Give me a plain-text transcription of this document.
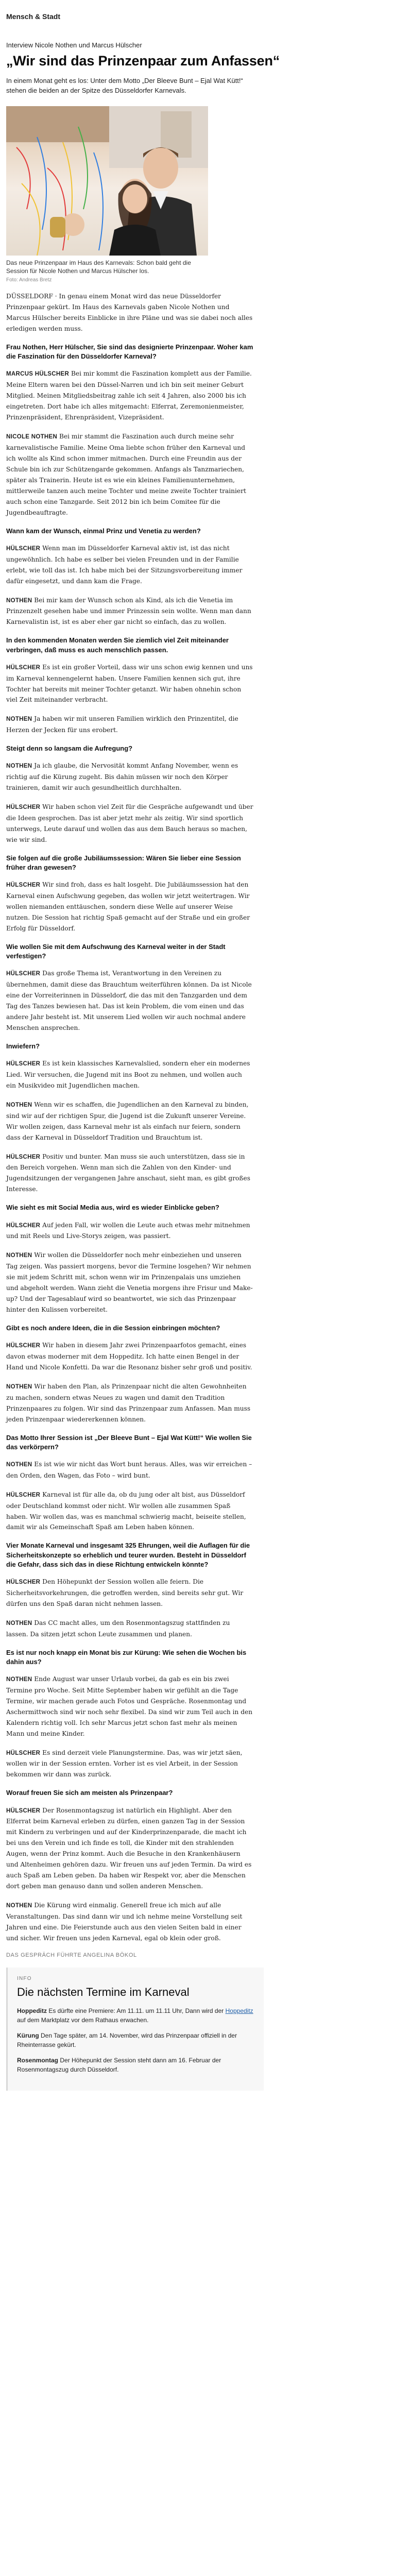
Mensch & Stadt
Interview Nicole Nothen und Marcus Hülscher
„Wir sind das Prinzenpaar zum Anfassen“
In einem Monat geht es los: Unter dem Motto „Der Bleeve Bunt – Ejal Wat Kütt!“ stehen die beiden an der Spitze des Düsseldorfer Karnevals.
Das neue Prinzenpaar im Haus des Karnevals: Schon bald geht die Session für Nicole Nothen und Marcus Hülscher los.
Foto: Andreas Bretz

DÜSSELDORF · In genau einem Monat wird das neue Düsseldorfer Prinzenpaar gekürt. Im Haus des Karnevals gaben Nicole Nothen und Marcus Hülscher bereits Einblicke in ihre Pläne und was sie dabei noch alles erledigen werden muss.

Frau Nothen, Herr Hülscher, Sie sind das designierte Prinzenpaar. Woher kam die Faszination für den Düsseldorfer Karneval?

MARCUS HÜLSCHER Bei mir kommt die Faszination komplett aus der Familie. Meine Eltern waren bei den Düssel-Narren und ich bin seit meiner Geburt Mitglied. Meinen Mitgliedsbeitrag zahle ich seit 4 Jahren, also 2000 bis ich eingetreten. Dort habe ich alles mitgemacht: Elferrat, Zeremonienmeister, Prinzenpräsident, Ehrenpräsident, Vizepräsident.

NICOLE NOTHEN Bei mir stammt die Faszination auch durch meine sehr karnevalistische Familie. Meine Oma liebte schon früher den Karneval und ich wollte als Kind schon immer mitmachen. Durch eine Freundin aus der Schule bin ich zur Schützengarde gekommen. Anfangs als Tanzmariechen, später als Trainerin. Heute ist es wie ein kleines Familienunternehmen, mittlerweile tanzen auch meine Tochter und meine zweite Tochter trainiert auch schon eine Tanzgarde. Seit 2012 bin ich beim Comitee für die Jugendbeauftragte.

Wann kam der Wunsch, einmal Prinz und Venetia zu werden?

HÜLSCHER Wenn man im Düsseldorfer Karneval aktiv ist, ist das nicht ungewöhnlich. Ich habe es selber bei vielen Freunden und in der Familie erlebt, wie toll das ist. Ich habe mich bei der Sitzungsvorbereitung immer dafür eingesetzt, und dann kam die Frage.

NOTHEN Bei mir kam der Wunsch schon als Kind, als ich die Venetia im Prinzenzelt gesehen habe und immer Prinzessin sein wollte. Wenn man dann Karnevalistin ist, ist es aber eher gar nicht so einfach, das zu wollen.

In den kommenden Monaten werden Sie ziemlich viel Zeit miteinander verbringen, daß muss es auch menschlich passen.

HÜLSCHER Es ist ein großer Vorteil, dass wir uns schon ewig kennen und uns im Karneval kennengelernt haben. Unsere Familien kennen sich gut, ihre Tochter hat bereits mit meiner Tochter getanzt. Wir haben ohnehin schon viel Zeit miteinander verbracht.

NOTHEN Ja haben wir mit unseren Familien wirklich den Prinzentitel, die Herzen der Jecken für uns erobert.

Steigt denn so langsam die Aufregung?

NOTHEN Ja ich glaube, die Nervosität kommt Anfang November, wenn es richtig auf die Kürung zugeht. Bis dahin müssen wir noch den Körper trainieren, damit wir auch gesundheitlich durchhalten.

HÜLSCHER Wir haben schon viel Zeit für die Gespräche aufgewandt und über die Ideen gesprochen. Das ist aber jetzt mehr als zeitig. Wir sind sportlich unterwegs, Leute darauf und wollen das aus dem Bauch heraus so machen, wie wir sind.

Sie folgen auf die große Jubiläumssession: Wären Sie lieber eine Session früher dran gewesen?

HÜLSCHER Wir sind froh, dass es halt losgeht. Die Jubiläumssession hat den Karneval einen Aufschwung gegeben, das wollen wir jetzt weitertragen. Wir wollen niemanden enttäuschen, sondern diese Welle auf unserer Weise nutzen. Die Session hat richtig Spaß gemacht auf der Straße und ein großer Erfolg für Düsseldorf.

Wie wollen Sie mit dem Aufschwung des Karneval weiter in der Stadt verfestigen?

HÜLSCHER Das große Thema ist, Verantwortung in den Vereinen zu übernehmen, damit diese das Brauchtum weiterführen können. Da ist Nicole eine der Vorreiterinnen in Düsseldorf, die das mit den Tanzgarden und dem Tag des Tanzes bewiesen hat. Das ist kein Problem, die vom einen und das andere Jahr besteht ist. Mit unserem Lied wollen wir auch nochmal andere Menschen ansprechen.

Inwiefern?

HÜLSCHER Es ist kein klassisches Karnevalslied, sondern eher ein modernes Lied. Wir versuchen, die Jugend mit ins Boot zu nehmen, und wollen auch ein Musikvideo mit Jugendlichen machen.

NOTHEN Wenn wir es schaffen, die Jugendlichen an den Karneval zu binden, sind wir auf der richtigen Spur, die Jugend ist die Zukunft unserer Vereine. Wir wollen zeigen, dass Karneval mehr ist als einfach nur feiern, sondern dass der Karneval in Düsseldorf Tradition und Brauchtum ist.

HÜLSCHER Positiv und bunter. Man muss sie auch unterstützen, dass sie in den Bereich vorgehen. Wenn man sich die Zahlen von den Kinder- und Jugendsitzungen der vergangenen Jahre anschaut, sieht man, es gibt großes Interesse.

Wie sieht es mit Social Media aus, wird es wieder Einblicke geben?

HÜLSCHER Auf jeden Fall, wir wollen die Leute auch etwas mehr mitnehmen und mit Reels und Live-Storys zeigen, was passiert.

NOTHEN Wir wollen die Düsseldorfer noch mehr einbeziehen und unseren Tag zeigen. Was passiert morgens, bevor die Termine losgehen? Wir nehmen sie mit jedem Schritt mit, schon wenn wir im Prinzenpalais uns umziehen und abgeholt werden. Wann zieht die Venetia morgens ihre Frisur und Make-up? Und der Tagesablauf wird so beantwortet, wie sich das Prinzenpaar hinter den Kulissen vorbereitet.

Gibt es noch andere Ideen, die in die Session einbringen möchten?

HÜLSCHER Wir haben in diesem Jahr zwei Prinzenpaarfotos gemacht, eines davon etwas moderner mit dem Hoppeditz. Ich hatte einen Bengel in der Hand und Nicole Konfetti. Da war die Resonanz bisher sehr groß und positiv.

NOTHEN Wir haben den Plan, als Prinzenpaar nicht die alten Gewohnheiten zu machen, sondern etwas Neues zu wagen und damit den Tradition Prinzenpaares zu folgen. Wir sind das Prinzenpaar zum Anfassen. Man muss jeden Prinzenpaar wiedererkennen können.

Das Motto Ihrer Session ist „Der Bleeve Bunt – Ejal Wat Kütt!“ Wie wollen Sie das verkörpern?

NOTHEN Es ist wie wir nicht das Wort bunt heraus. Alles, was wir erreichen – den Orden, den Wagen, das Foto – wird bunt.

HÜLSCHER Karneval ist für alle da, ob du jung oder alt bist, aus Düsseldorf oder Deutschland kommst oder nicht. Wir wollen alle zusammen Spaß haben. Wir wollen das, was es manchmal schwierig macht, beiseite stellen, damit wir als Gemeinschaft Spaß am Leben haben können.

Vier Monate Karneval und insgesamt 325 Ehrungen, weil die Auflagen für die Sicherheitskonzepte so erheblich und teurer wurden. Besteht in Düsseldorf die Gefahr, dass sich das in diese Richtung entwickeln könnte?

HÜLSCHER Den Höhepunkt der Session wollen alle feiern. Die Sicherheitsvorkehrungen, die getroffen werden, sind bereits sehr gut. Wir dürfen uns den Spaß daran nicht nehmen lassen.

NOTHEN Das CC macht alles, um den Rosenmontagszug stattfinden zu lassen. Da sitzen jetzt schon Leute zusammen und planen.

Es ist nur noch knapp ein Monat bis zur Kürung: Wie sehen die Wochen bis dahin aus?

NOTHEN Ende August war unser Urlaub vorbei, da gab es ein bis zwei Termine pro Woche. Seit Mitte September haben wir gefühlt an die Tage Termine, wir machen gerade auch Fotos und Gespräche. Rosenmontag und Aschermittwoch sind wir noch sehr flexibel. Da sind wir zum Teil auch in den Kalendern richtig voll. Ich sehr Marcus jetzt schon fast mehr als meinen Mann und meine Kinder.

HÜLSCHER Es sind derzeit viele Planungstermine. Das, was wir jetzt säen, wollen wir in der Session ernten. Vorher ist es viel Arbeit, in der Session bekommen wir dann was zurück.

Worauf freuen Sie sich am meisten als Prinzenpaar?

HÜLSCHER Der Rosenmontagszug ist natürlich ein Highlight. Aber den Elferrat beim Karneval erleben zu dürfen, einen ganzen Tag in der Session mit Kindern zu verbringen und auf der Kinderprinzenparade, die macht ich bei uns den Verein und ich finde es toll, die Kinder mit den strahlenden Augen, wenn der Prinz kommt. Auch die Besuche in den Krankenhäusern und Altenheimen gehören dazu. Wir freuen uns auf jeden Termin. Da wird es auch Spaß am Leben geben. Da haben wir Respekt vor, aber die Menschen dort geben man genauso dann und sollen anderen Menschen.

NOTHEN Die Kürung wird einmalig. Generell freue ich mich auf alle Veranstaltungen. Das sind dann wir und ich nehme meine Vorstellung seit Jahren und eine. Die Feierstunde auch aus den vielen Seiten bald in einer und sicher. Wir freuen uns jeden Karneval, egal ob klein oder groß.

DAS GESPRÄCH FÜHRTE ANGELINA BÖKOL
INFO
Die nächsten Termine im Karneval
Hoppeditz Es dürfte eine Premiere: Am 11.11. um 11.11 Uhr, Dann wird der Hoppeditz auf dem Marktplatz vor dem Rathaus erwachen.
Kürung Den Tage später, am 14. November, wird das Prinzenpaar offiziell in der Rheinterrasse gekürt.
Rosenmontag Der Höhepunkt der Session steht dann am 16. Februar der Rosenmontagszug durch Düsseldorf.
